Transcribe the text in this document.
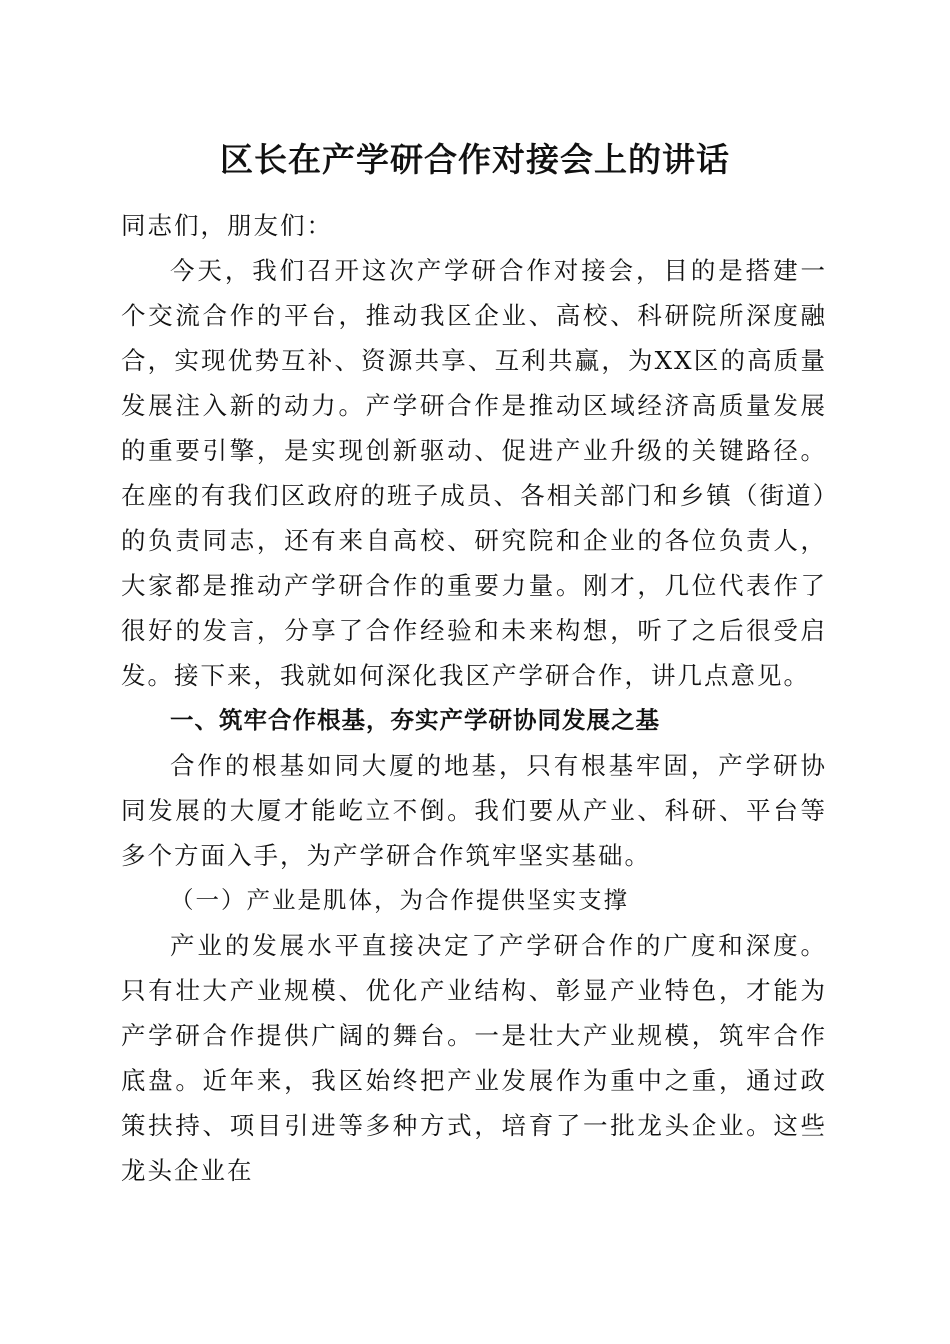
区长在产学研合作对接会上的讲话

同志们，朋友们：

今天，我们召开这次产学研合作对接会，目的是搭建一个交流合作的平台，推动我区企业、高校、科研院所深度融合，实现优势互补、资源共享、互利共赢，为XX区的高质量发展注入新的动力。产学研合作是推动区域经济高质量发展的重要引擎，是实现创新驱动、促进产业升级的关键路径。在座的有我们区政府的班子成员、各相关部门和乡镇（街道）的负责同志，还有来自高校、研究院和企业的各位负责人，大家都是推动产学研合作的重要力量。刚才，几位代表作了很好的发言，分享了合作经验和未来构想，听了之后很受启发。接下来，我就如何深化我区产学研合作，讲几点意见。

一、筑牢合作根基，夯实产学研协同发展之基

合作的根基如同大厦的地基，只有根基牢固，产学研协同发展的大厦才能屹立不倒。我们要从产业、科研、平台等多个方面入手，为产学研合作筑牢坚实基础。

（一）产业是肌体，为合作提供坚实支撑

产业的发展水平直接决定了产学研合作的广度和深度。只有壮大产业规模、优化产业结构、彰显产业特色，才能为产学研合作提供广阔的舞台。一是壮大产业规模，筑牢合作底盘。近年来，我区始终把产业发展作为重中之重，通过政策扶持、项目引进等多种方式，培育了一批龙头企业。这些龙头企业在
